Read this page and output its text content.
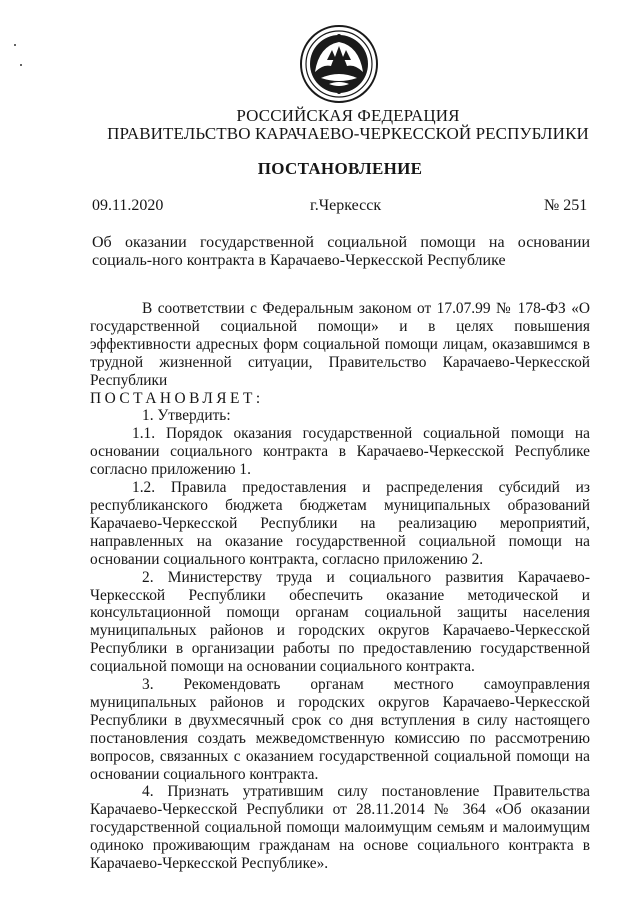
РОССИЙСКАЯ ФЕДЕРАЦИЯ
ПРАВИТЕЛЬСТВО КАРАЧАЕВО-ЧЕРКЕССКОЙ РЕСПУБЛИКИ
ПОСТАНОВЛЕНИЕ
09.11.2020	г.Черкесск	№ 251
Об оказании государственной социальной помощи на основании социаль-ного контракта в Карачаево-Черкесской Республике

В соответствии с Федеральным законом от 17.07.99 № 178-ФЗ «О государственной социальной помощи» и в целях повышения эффективности адресных форм социальной помощи лицам, оказавшимся в трудной жизненной ситуации, Правительство Карачаево-Черкесской Республики

ПОСТАНОВЛЯЕТ:

1. Утвердить:

1.1. Порядок оказания государственной социальной помощи на основании социального контракта в Карачаево-Черкесской Республике согласно приложению 1.

1.2. Правила предоставления и распределения субсидий из республиканского бюджета бюджетам муниципальных образований Карачаево-Черкесской Республики на реализацию мероприятий, направленных на оказание государственной социальной помощи на основании социального контракта, согласно приложению 2.

2. Министерству труда и социального развития Карачаево-Черкесской Республики обеспечить оказание методической и консультационной помощи органам социальной защиты населения муниципальных районов и городских округов Карачаево-Черкесской Республики в организации работы по предоставлению государственной социальной помощи на основании социального контракта.

3. Рекомендовать органам местного самоуправления муниципальных районов и городских округов Карачаево-Черкесской Республики в двухмесячный срок со дня вступления в силу настоящего постановления создать межведомственную комиссию по рассмотрению вопросов, связанных с оказанием государственной социальной помощи на основании социального контракта.

4. Признать утратившим силу постановление Правительства Карачаево-Черкесской Республики от 28.11.2014 № 364 «Об оказании государственной социальной помощи малоимущим семьям и малоимущим одиноко проживающим гражданам на основе социального контракта в Карачаево-Черкесской Республике».
